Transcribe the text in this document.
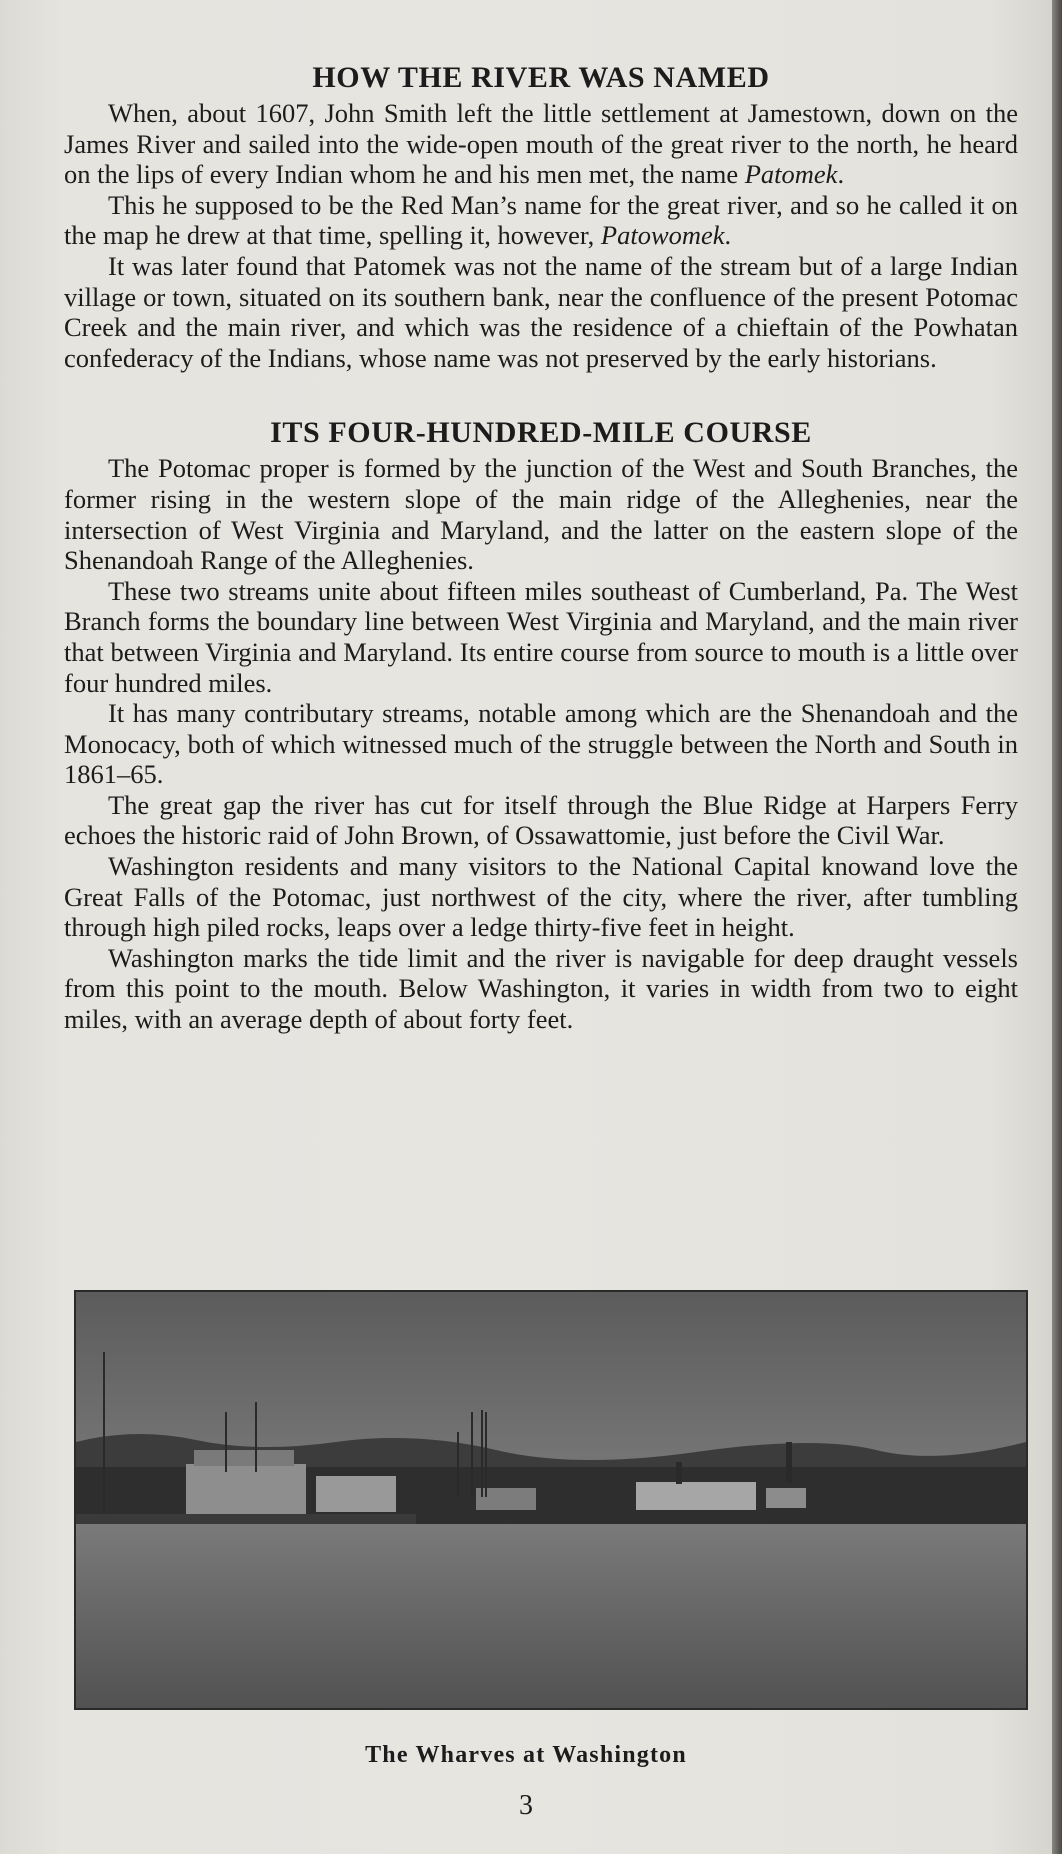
HOW THE RIVER WAS NAMED

When, about 1607, John Smith left the little settlement at Jamestown, down on the James River and sailed into the wide-open mouth of the great river to the north, he heard on the lips of every Indian whom he and his men met, the name Patomek.

This he supposed to be the Red Man’s name for the great river, and so he called it on the map he drew at that time, spelling it, however, Patowomek.

It was later found that Patomek was not the name of the stream but of a large Indian village or town, situated on its southern bank, near the confluence of the present Potomac Creek and the main river, and which was the residence of a chieftain of the Powhatan confederacy of the Indians, whose name was not preserved by the early historians.

ITS FOUR-HUNDRED-MILE COURSE

The Potomac proper is formed by the junction of the West and South Branches, the former rising in the western slope of the main ridge of the Alleghenies, near the intersection of West Virginia and Maryland, and the latter on the eastern slope of the Shenandoah Range of the Alleghenies.

These two streams unite about fifteen miles southeast of Cumberland, Pa. The West Branch forms the boundary line between West Virginia and Maryland, and the main river that between Virginia and Maryland. Its entire course from source to mouth is a little over four hundred miles.

It has many contributary streams, notable among which are the Shenandoah and the Monocacy, both of which witnessed much of the struggle between the North and South in 1861–65.

The great gap the river has cut for itself through the Blue Ridge at Harpers Ferry echoes the historic raid of John Brown, of Ossawattomie, just before the Civil War.

Washington residents and many visitors to the National Capital knowand love the Great Falls of the Potomac, just northwest of the city, where the river, after tumbling through high piled rocks, leaps over a ledge thirty-five feet in height.

Washington marks the tide limit and the river is navigable for deep draught vessels from this point to the mouth. Below Washington, it varies in width from two to eight miles, with an average depth of about forty feet.

The Wharves at Washington
3
